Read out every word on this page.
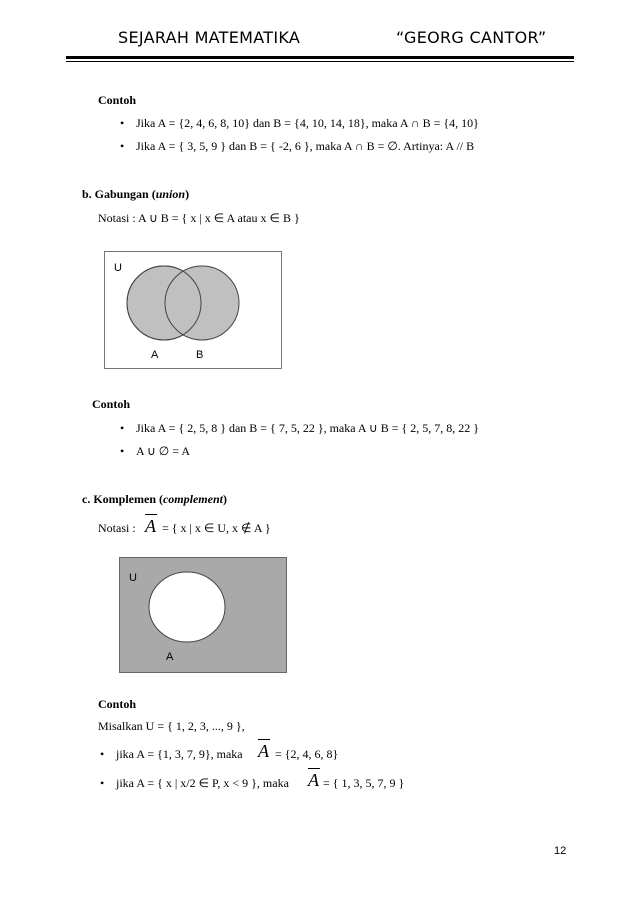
SEJARAH MATEMATIKA	“GEORG CANTOR”
Contoh
• Jika A = {2, 4, 6, 8, 10} dan B = {4, 10, 14, 18}, maka A ∩ B = {4, 10}
• Jika A = { 3, 5, 9 } dan B = { -2, 6 }, maka A ∩ B = ∅. Artinya: A // B
b. Gabungan (union)
Notasi : A ∪ B = { x | x ∈ A atau x ∈ B }
U
A	B
Contoh
• Jika A = { 2, 5, 8 } dan B = { 7, 5, 22 }, maka A ∪ B = { 2, 5, 7, 8, 22 }
• A ∪ ∅ = A
c. Komplemen (complement)
Notasi : A = { x | x ∈ U, x ∉ A }
U
A
Contoh
Misalkan U = { 1, 2, 3, ..., 9 },
• jika A = {1, 3, 7, 9}, maka A = {2, 4, 6, 8}
• jika A = { x | x/2 ∈ P, x < 9 }, maka A = { 1, 3, 5, 7, 9 }
12
